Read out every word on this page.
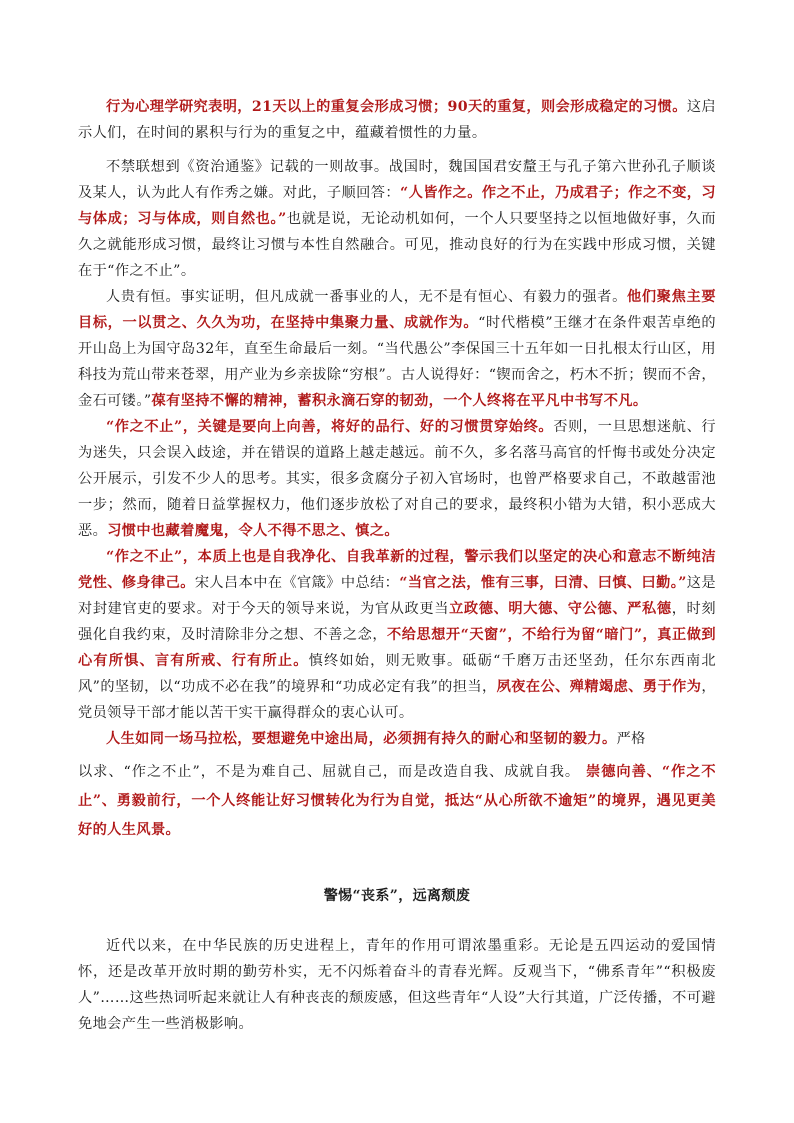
行为心理学研究表明，21天以上的重复会形成习惯；90天的重复，则会形成稳定的习惯。这启示人们，在时间的累积与行为的重复之中，蕴藏着惯性的力量。

不禁联想到《资治通鉴》记载的一则故事。战国时，魏国国君安釐王与孔子第六世孙孔子顺谈及某人，认为此人有作秀之嫌。对此，子顺回答：“人皆作之。作之不止，乃成君子；作之不变，习与体成；习与体成，则自然也。”也就是说，无论动机如何，一个人只要坚持之以恒地做好事，久而久之就能形成习惯，最终让习惯与本性自然融合。可见，推动良好的行为在实践中形成习惯，关键在于“作之不止”。

人贵有恒。事实证明，但凡成就一番事业的人，无不是有恒心、有毅力的强者。他们聚焦主要目标，一以贯之、久久为功，在坚持中集聚力量、成就作为。“时代楷模”王继才在条件艰苦卓绝的开山岛上为国守岛32年，直至生命最后一刻。“当代愚公”李保国三十五年如一日扎根太行山区，用科技为荒山带来苍翠，用产业为乡亲拔除“穷根”。古人说得好：“锲而舍之，朽木不折；锲而不舍，金石可镂。”葆有坚持不懈的精神，蓄积永滴石穿的韧劲，一个人终将在平凡中书写不凡。

“作之不止”，关键是要向上向善，将好的品行、好的习惯贯穿始终。否则，一旦思想迷航、行为迷失，只会误入歧途，并在错误的道路上越走越远。前不久，多名落马高官的忏悔书或处分决定公开展示，引发不少人的思考。其实，很多贪腐分子初入官场时，也曾严格要求自己，不敢越雷池一步；然而，随着日益掌握权力，他们逐步放松了对自己的要求，最终积小错为大错，积小恶成大恶。习惯中也藏着魔鬼，令人不得不思之、慎之。

“作之不止”，本质上也是自我净化、自我革新的过程，警示我们以坚定的决心和意志不断纯洁党性、修身律己。宋人吕本中在《官箴》中总结：“当官之法，惟有三事，曰清、曰慎、曰勤。”这是对封建官吏的要求。对于今天的领导来说，为官从政更当立政德、明大德、守公德、严私德，时刻强化自我约束，及时清除非分之想、不善之念，不给思想开“天窗”，不给行为留“暗门”，真正做到心有所惧、言有所戒、行有所止。慎终如始，则无败事。砥砺“千磨万击还坚劲，任尔东西南北风”的坚韧，以“功成不必在我”的境界和“功成必定有我”的担当，夙夜在公、殚精竭虑、勇于作为，党员领导干部才能以苦干实干赢得群众的衷心认可。

人生如同一场马拉松，要想避免中途出局，必须拥有持久的耐心和坚韧的毅力。严格

以求、“作之不止”，不是为难自己、屈就自己，而是改造自我、成就自我。 崇德向善、“作之不止”、勇毅前行，一个人终能让好习惯转化为行为自觉，抵达“从心所欲不逾矩”的境界，遇见更美好的人生风景。

警惕“丧系”，远离颓废

近代以来，在中华民族的历史进程上，青年的作用可谓浓墨重彩。无论是五四运动的爱国情怀，还是改革开放时期的勤劳朴实，无不闪烁着奋斗的青春光辉。反观当下，“佛系青年”“积极废人”……这些热词听起来就让人有种丧丧的颓废感，但这些青年“人设”大行其道，广泛传播，不可避免地会产生一些消极影响。
